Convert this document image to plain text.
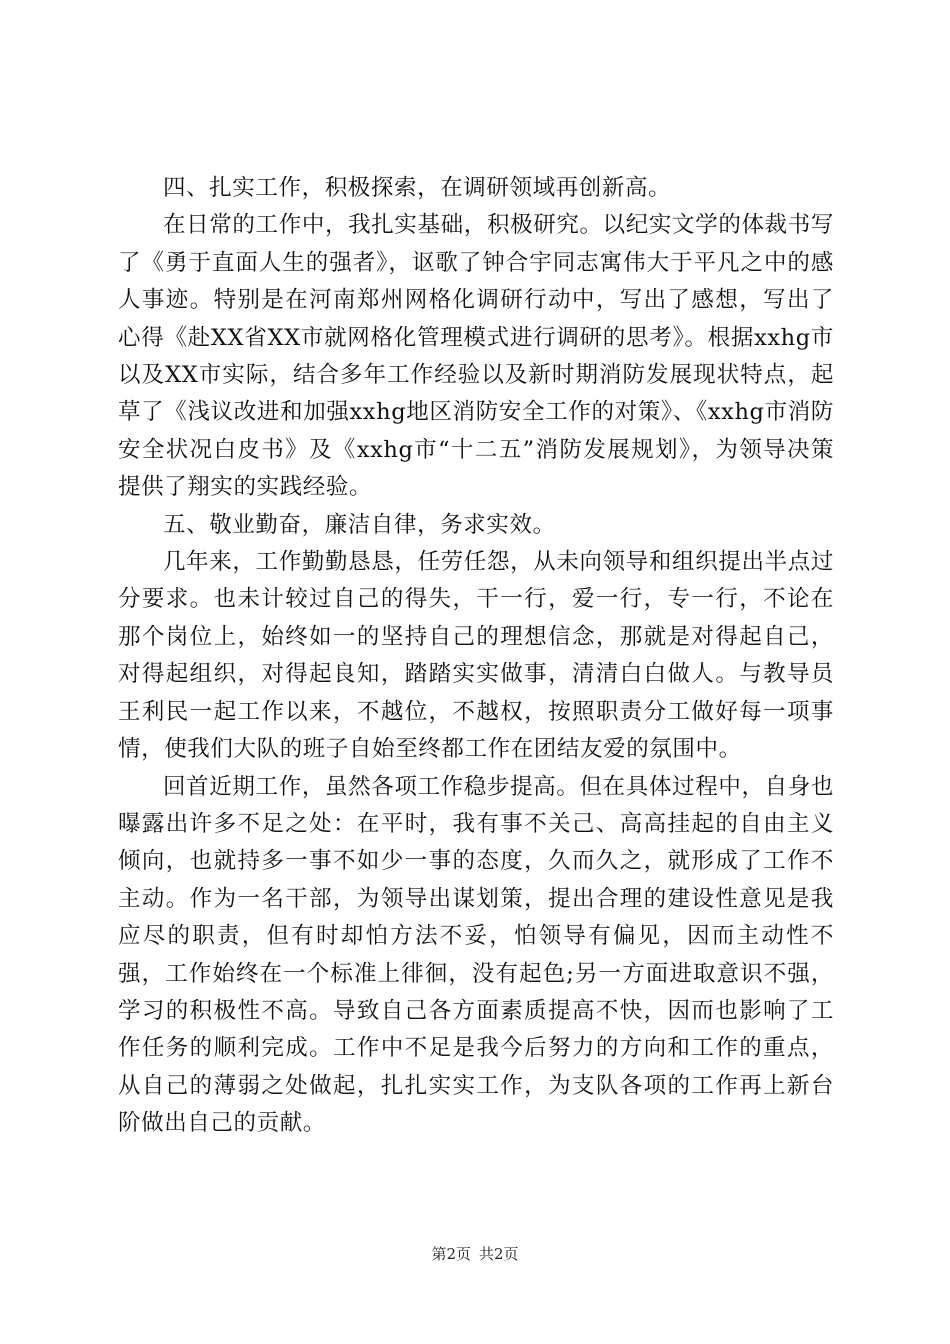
四、扎实工作，积极探索，在调研领域再创新高。

在日常的工作中，我扎实基础，积极研究。以纪实文学的体裁书写了《勇于直面人生的强者》，讴歌了钟合宇同志寓伟大于平凡之中的感人事迹。特别是在河南郑州网格化调研行动中，写出了感想，写出了心得《赴XX省XX市就网格化管理模式进行调研的思考》。根据xxhg市以及XX市实际，结合多年工作经验以及新时期消防发展现状特点，起草了《浅议改进和加强xxhg地区消防安全工作的对策》、《xxhg市消防安全状况白皮书》及《xxhg市“十二五”消防发展规划》，为领导决策提供了翔实的实践经验。

五、敬业勤奋，廉洁自律，务求实效。

几年来，工作勤勤恳恳，任劳任怨，从未向领导和组织提出半点过分要求。也未计较过自己的得失，干一行，爱一行，专一行，不论在那个岗位上，始终如一的坚持自己的理想信念，那就是对得起自己，对得起组织，对得起良知，踏踏实实做事，清清白白做人。与教导员王利民一起工作以来，不越位，不越权，按照职责分工做好每一项事情，使我们大队的班子自始至终都工作在团结友爱的氛围中。

回首近期工作，虽然各项工作稳步提高。但在具体过程中，自身也曝露出许多不足之处：在平时，我有事不关己、高高挂起的自由主义倾向，也就持多一事不如少一事的态度，久而久之，就形成了工作不主动。作为一名干部，为领导出谋划策，提出合理的建设性意见是我应尽的职责，但有时却怕方法不妥，怕领导有偏见，因而主动性不强，工作始终在一个标准上徘徊，没有起色;另一方面进取意识不强，学习的积极性不高。导致自己各方面素质提高不快，因而也影响了工作任务的顺利完成。工作中不足是我今后努力的方向和工作的重点，从自己的薄弱之处做起，扎扎实实工作，为支队各项的工作再上新台阶做出自己的贡献。

第2页 共2页
